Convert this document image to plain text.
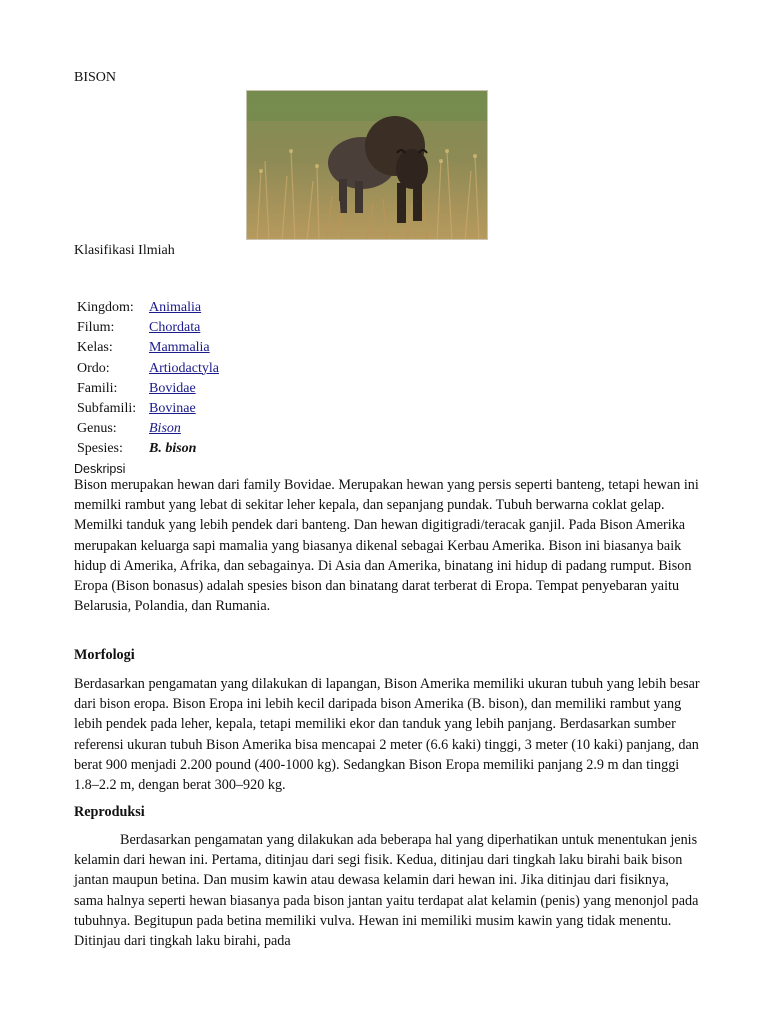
BISON
Klasifikasi Ilmiah
Kingdom:	Animalia
Filum:	Chordata
Kelas:	Mammalia
Ordo:	Artiodactyla
Famili:	Bovidae
Subfamili:	Bovinae
Genus:	Bison
Spesies:	B. bison
Deskripsi

Bison merupakan hewan dari family Bovidae. Merupakan hewan yang persis seperti banteng, tetapi hewan ini memilki rambut yang lebat di sekitar leher kepala, dan sepanjang pundak. Tubuh berwarna coklat gelap. Memilki tanduk yang lebih pendek dari banteng. Dan hewan digitigradi/teracak ganjil. Pada Bison Amerika merupakan keluarga sapi mamalia yang biasanya dikenal sebagai Kerbau Amerika. Bison ini biasanya baik hidup di Amerika, Afrika, dan sebagainya. Di Asia dan Amerika, binatang ini hidup di padang rumput. Bison Eropa (Bison bonasus) adalah spesies bison dan binatang darat terberat di Eropa. Tempat penyebaran yaitu Belarusia, Polandia, dan Rumania.

Morfologi

Berdasarkan pengamatan yang dilakukan di lapangan, Bison Amerika memiliki ukuran tubuh yang lebih besar dari bison eropa. Bison Eropa ini lebih kecil daripada bison Amerika (B. bison), dan memiliki rambut yang lebih pendek pada leher, kepala, tetapi memiliki ekor dan tanduk yang lebih panjang. Berdasarkan sumber referensi ukuran tubuh Bison Amerika bisa mencapai 2 meter (6.6 kaki) tinggi, 3 meter (10 kaki) panjang, dan berat 900 menjadi 2.200 pound (400-1000 kg). Sedangkan Bison Eropa memiliki panjang 2.9 m dan tinggi 1.8–2.2 m, dengan berat 300–920 kg.

Reproduksi

Berdasarkan pengamatan yang dilakukan ada beberapa hal yang diperhatikan untuk menentukan jenis kelamin dari hewan ini. Pertama, ditinjau dari segi fisik. Kedua, ditinjau dari tingkah laku birahi baik bison jantan maupun betina. Dan musim kawin atau dewasa kelamin dari hewan ini. Jika ditinjau dari fisiknya, sama halnya seperti hewan biasanya pada bison jantan yaitu terdapat alat kelamin (penis) yang menonjol pada tubuhnya. Begitupun pada betina memiliki vulva. Hewan ini memiliki musim kawin yang tidak menentu. Ditinjau dari tingkah laku birahi, pada
